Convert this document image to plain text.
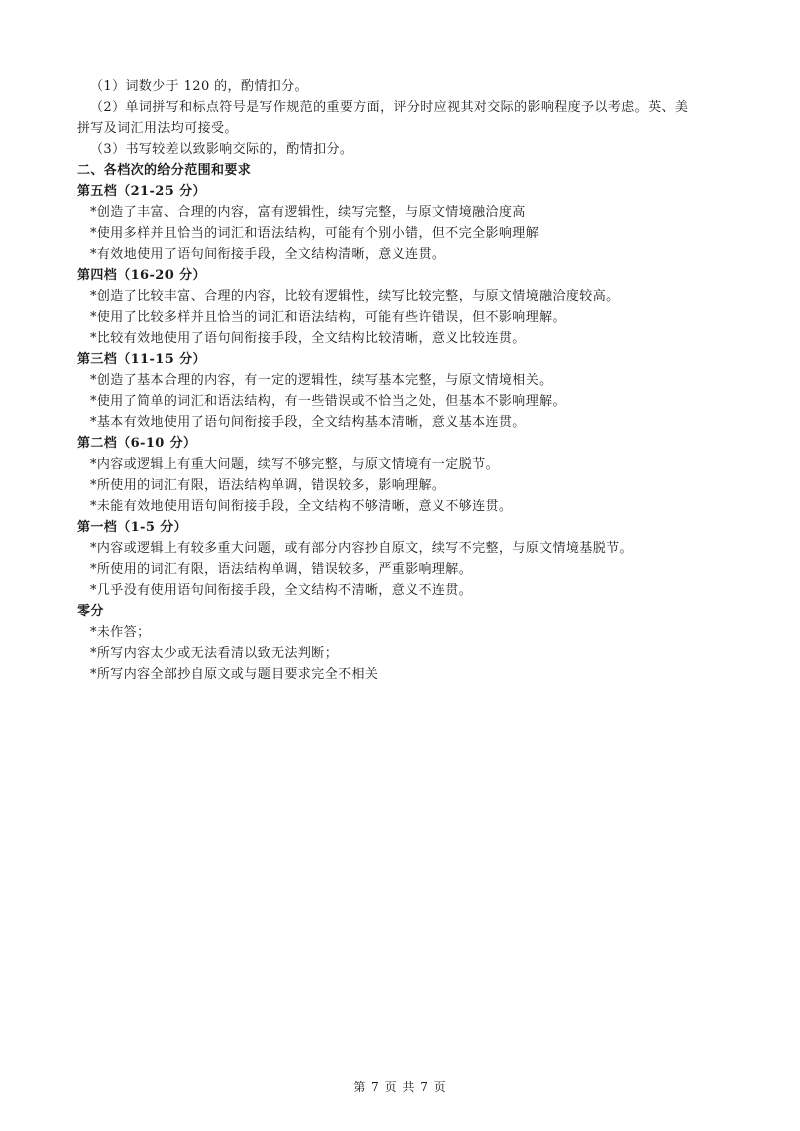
（1）词数少于 120 的，酌情扣分。
（2）单词拼写和标点符号是写作规范的重要方面，评分时应视其对交际的影响程度予以考虑。英、美
拼写及词汇用法均可接受。
（3）书写较差以致影响交际的，酌情扣分。
二、各档次的给分范围和要求
第五档（21-25 分）
*创造了丰富、合理的内容，富有逻辑性，续写完整，与原文情境融洽度高
*使用多样并且恰当的词汇和语法结构，可能有个别小错，但不完全影响理解
*有效地使用了语句间衔接手段，全文结构清晰，意义连贯。
第四档（16-20 分）
*创造了比较丰富、合理的内容，比较有逻辑性，续写比较完整，与原文情境融洽度较高。
*使用了比较多样并且恰当的词汇和语法结构，可能有些许错误，但不影响理解。
*比较有效地使用了语句间衔接手段，全文结构比较清晰，意义比较连贯。
第三档（11-15 分）
*创造了基本合理的内容，有一定的逻辑性，续写基本完整，与原文情境相关。
*使用了简单的词汇和语法结构，有一些错误或不恰当之处，但基本不影响理解。
*基本有效地使用了语句间衔接手段，全文结构基本清晰，意义基本连贯。
第二档（6-10 分）
*内容或逻辑上有重大问题，续写不够完整，与原文情境有一定脱节。
*所使用的词汇有限，语法结构单调，错误较多，影响理解。
*未能有效地使用语句间衔接手段，全文结构不够清晰，意义不够连贯。
第一档（1-5 分）
*内容或逻辑上有较多重大问题，或有部分内容抄自原文，续写不完整，与原文情境基脱节。
*所使用的词汇有限，语法结构单调，错误较多，严重影响理解。
*几乎没有使用语句间衔接手段，全文结构不清晰，意义不连贯。
零分
*未作答；
*所写内容太少或无法看清以致无法判断；
*所写内容全部抄自原文或与题目要求完全不相关
第 7 页 共 7 页
